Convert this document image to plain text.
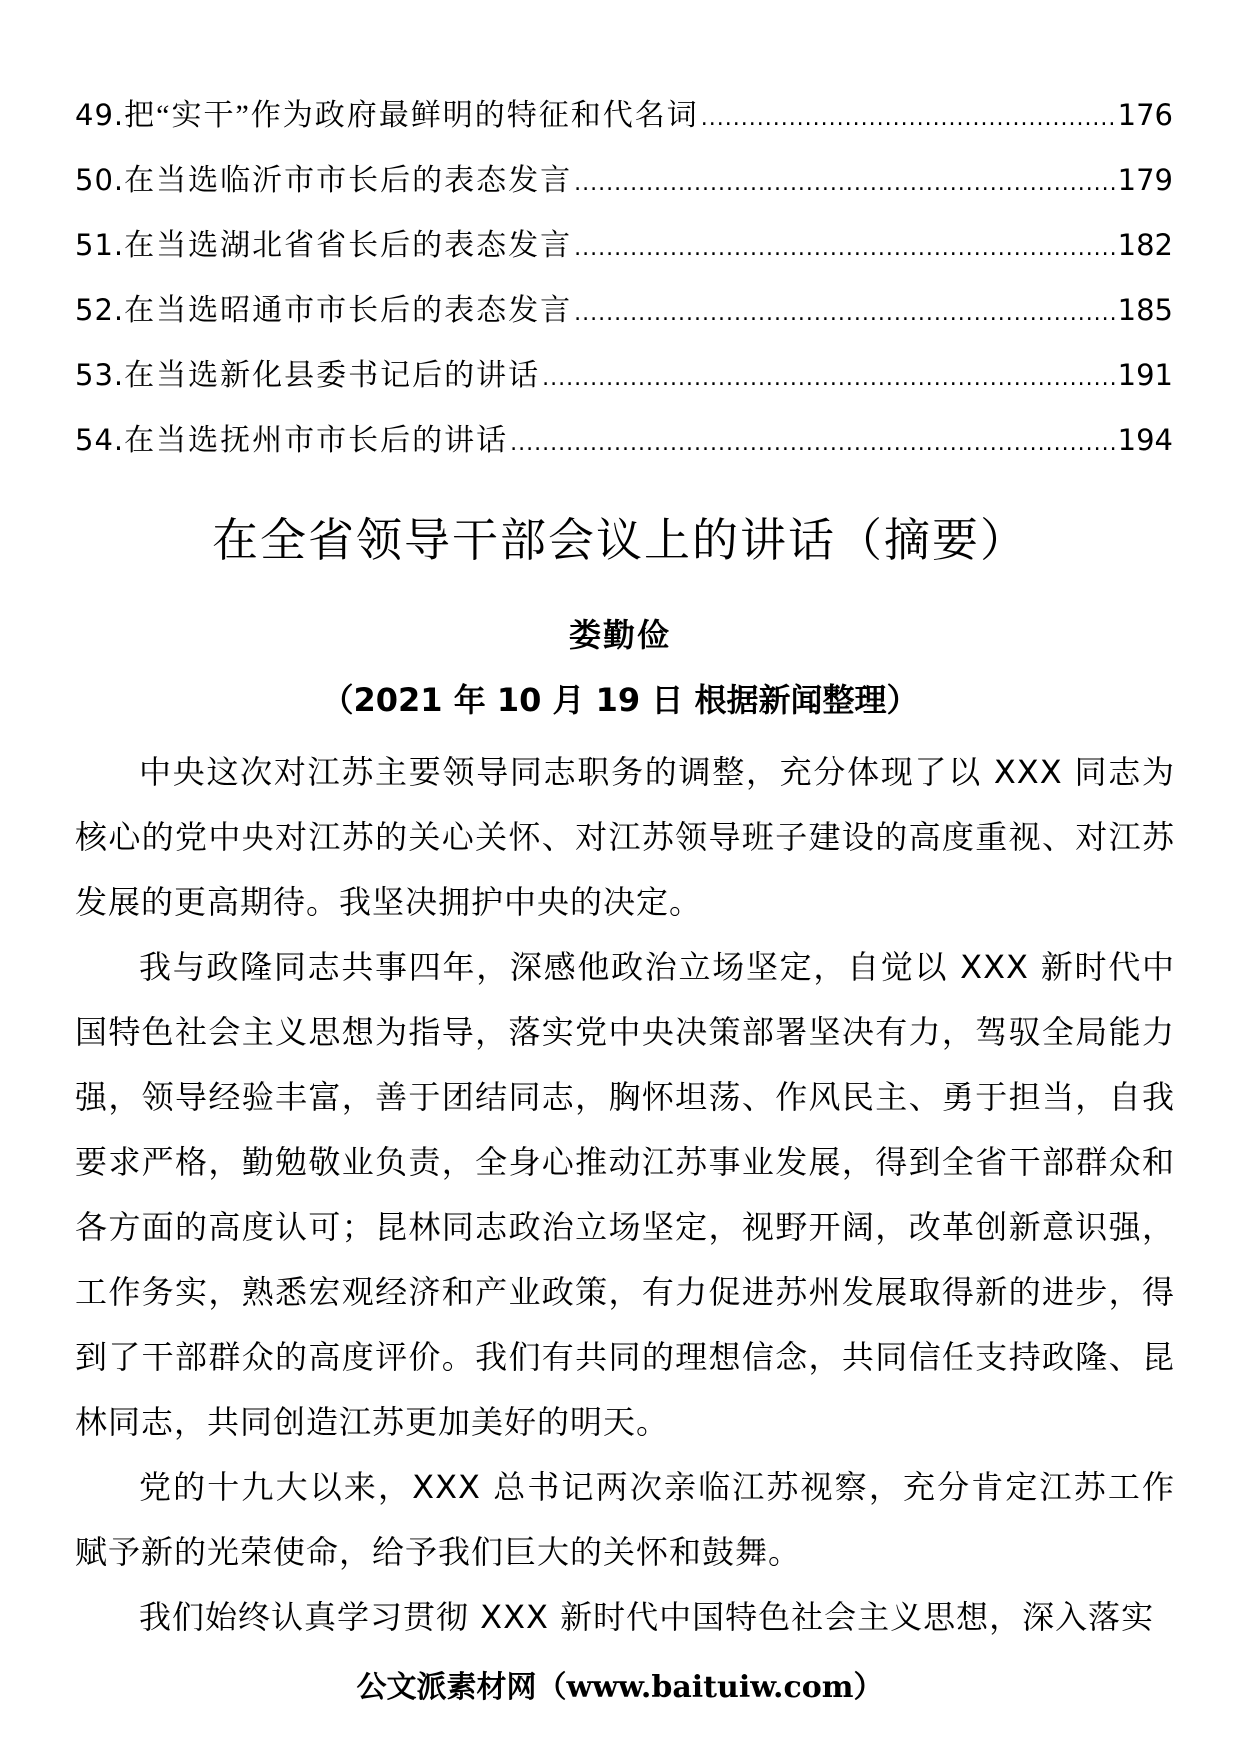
49. 把“实干”作为政府最鲜明的特征和代名词 .....	176
50. 在当选临沂市市长后的表态发言 .....	179
51. 在当选湖北省省长后的表态发言 .....	182
52. 在当选昭通市市长后的表态发言 .....	185
53. 在当选新化县委书记后的讲话 .....	191
54. 在当选抚州市市长后的讲话 .....	194
在全省领导干部会议上的讲话（摘要）
娄勤俭
（2021 年 10 月 19 日 根据新闻整理）

中央这次对江苏主要领导同志职务的调整，充分体现了以 XXX 同志为核心的党中央对江苏的关心关怀、对江苏领导班子建设的高度重视、对江苏发展的更高期待。我坚决拥护中央的决定。

我与政隆同志共事四年，深感他政治立场坚定，自觉以 XXX 新时代中国特色社会主义思想为指导，落实党中央决策部署坚决有力，驾驭全局能力强，领导经验丰富，善于团结同志，胸怀坦荡、作风民主、勇于担当，自我要求严格，勤勉敬业负责，全身心推动江苏事业发展，得到全省干部群众和各方面的高度认可；昆林同志政治立场坚定，视野开阔，改革创新意识强，工作务实，熟悉宏观经济和产业政策，有力促进苏州发展取得新的进步，得到了干部群众的高度评价。我们有共同的理想信念，共同信任支持政隆、昆林同志，共同创造江苏更加美好的明天。

党的十九大以来，XXX 总书记两次亲临江苏视察，充分肯定江苏工作赋予新的光荣使命，给予我们巨大的关怀和鼓舞。

我们始终认真学习贯彻 XXX 新时代中国特色社会主义思想，深入落实

公文派素材网（www.baituiw.com）
